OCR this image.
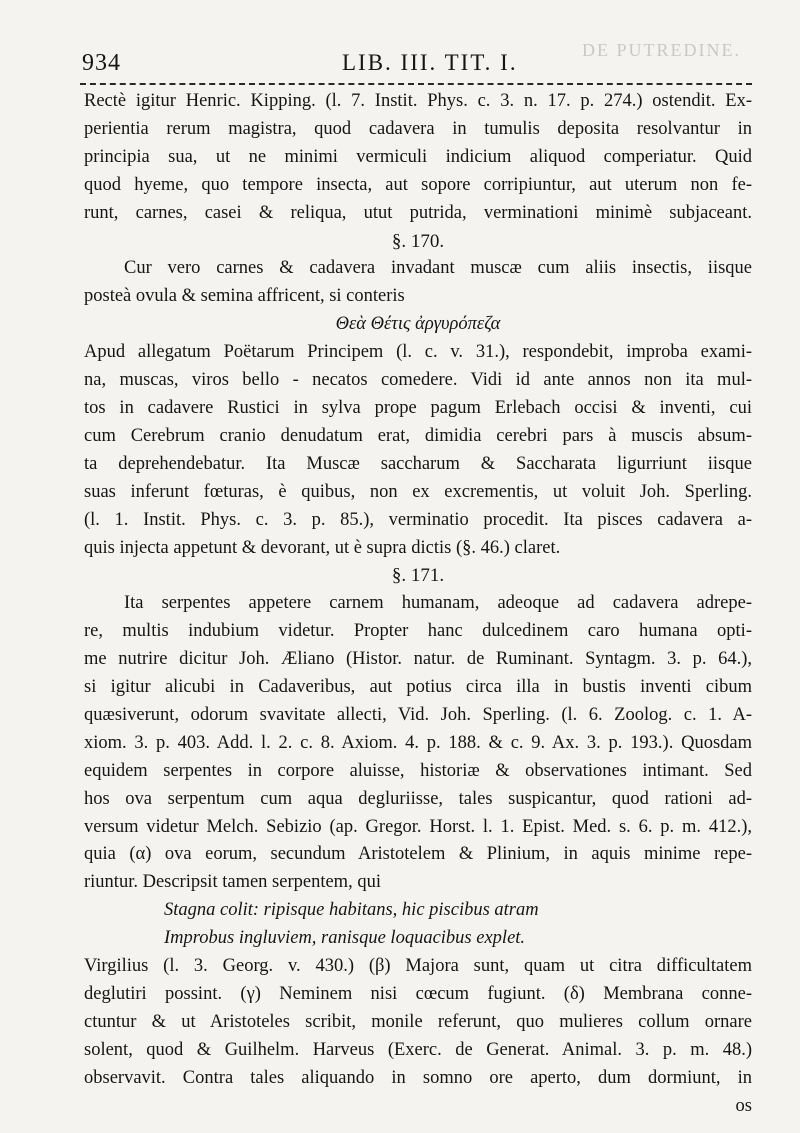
934	LIB. III. TIT. I.	DE PUTREDINE.
Rectè igitur Henric. Kipping. (l. 7. Instit. Phys. c. 3. n. 17. p. 274.) ostendit. Ex-
perientia rerum magistra, quod cadavera in tumulis deposita resolvantur in
principia sua, ut ne minimi vermiculi indicium aliquod comperiatur. Quid
quod hyeme, quo tempore insecta, aut sopore corripiuntur, aut uterum non fe-
runt, carnes, casei & reliqua, utut putrida, verminationi minimè subjaceant.
§. 170.
Cur vero carnes & cadavera invadant muscæ cum aliis insectis, iisque
posteà ovula & semina affricent, si conteris
Θεὰ Θέτις ἀργυρόπεζα
Apud allegatum Poëtarum Principem (l. c. v. 31.), respondebit, improba exami-
na, muscas, viros bello - necatos comedere. Vidi id ante annos non ita mul-
tos in cadavere Rustici in sylva prope pagum Erlebach occisi & inventi, cui
cum Cerebrum cranio denudatum erat, dimidia cerebri pars à muscis absum-
ta deprehendebatur. Ita Muscæ saccharum & Saccharata ligurriunt iisque
suas inferunt fœturas, è quibus, non ex excrementis, ut voluit Joh. Sperling.
(l. 1. Instit. Phys. c. 3. p. 85.), verminatio procedit. Ita pisces cadavera a-
quis injecta appetunt & devorant, ut è supra dictis (§. 46.) claret.
§. 171.
Ita serpentes appetere carnem humanam, adeoque ad cadavera adrepe-
re, multis indubium videtur. Propter hanc dulcedinem caro humana opti-
me nutrire dicitur Joh. Æliano (Histor. natur. de Ruminant. Syntagm. 3. p. 64.),
si igitur alicubi in Cadaveribus, aut potius circa illa in bustis inventi cibum
quæsiverunt, odorum svavitate allecti, Vid. Joh. Sperling. (l. 6. Zoolog. c. 1. A-
xiom. 3. p. 403. Add. l. 2. c. 8. Axiom. 4. p. 188. & c. 9. Ax. 3. p. 193.). Quosdam
equidem serpentes in corpore aluisse, historiæ & observationes intimant. Sed
hos ova serpentum cum aqua degluriisse, tales suspicantur, quod rationi ad-
versum videtur Melch. Sebizio (ap. Gregor. Horst. l. 1. Epist. Med. s. 6. p. m. 412.),
quia (α) ova eorum, secundum Aristotelem & Plinium, in aquis minime repe-
riuntur. Descripsit tamen serpentem, qui
Stagna colit: ripisque habitans, hic piscibus atram
Improbus ingluviem, ranisque loquacibus explet.
Virgilius (l. 3. Georg. v. 430.) (β) Majora sunt, quam ut citra difficultatem
deglutiri possint. (γ) Neminem nisi cœcum fugiunt. (δ) Membrana conne-
ctuntur & ut Aristoteles scribit, monile referunt, quo mulieres collum ornare
solent, quod & Guilhelm. Harveus (Exerc. de Generat. Animal. 3. p. m. 48.)
observavit. Contra tales aliquando in somno ore aperto, dum dormiunt, in
os
